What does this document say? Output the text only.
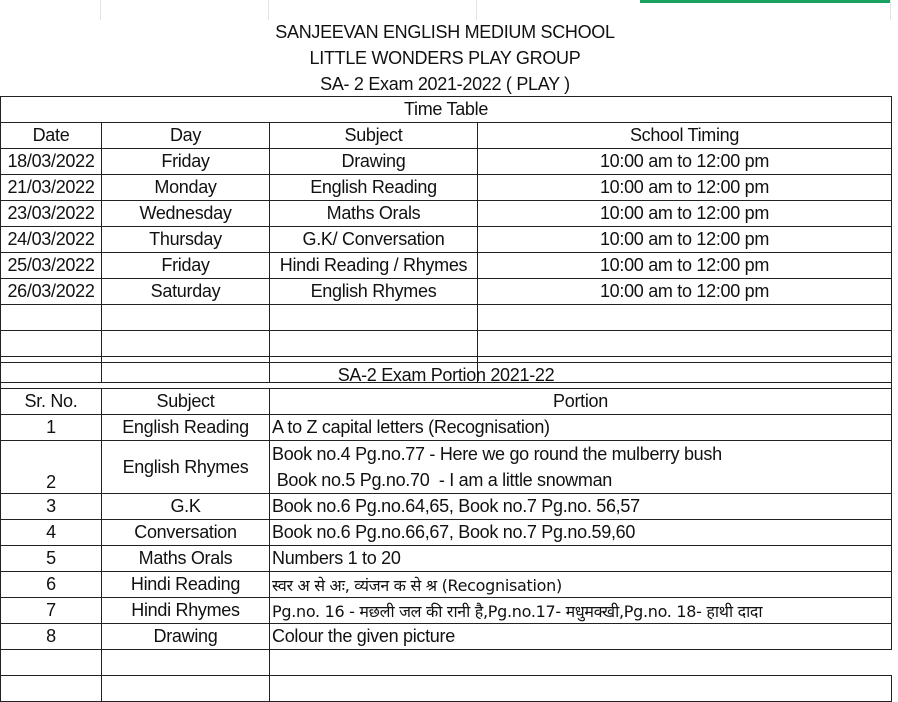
SANJEEVAN ENGLISH MEDIUM SCHOOL
LITTLE WONDERS PLAY GROUP
SA- 2 Exam 2021-2022 ( PLAY )
Time Table			
Date	Day	Subject	School Timing
18/03/2022	Friday	Drawing	10:00 am to 12:00 pm
21/03/2022	Monday	English Reading	10:00 am to 12:00 pm
23/03/2022	Wednesday	Maths Orals	10:00 am to 12:00 pm
24/03/2022	Thursday	G.K/ Conversation	10:00 am to 12:00 pm
25/03/2022	Friday	Hindi Reading / Rhymes	10:00 am to 12:00 pm
26/03/2022	Saturday	English Rhymes	10:00 am to 12:00 pm

SA-2 Exam Portion 2021-22		
Sr. No.	Subject	Portion
1	English Reading	A to Z capital letters (Recognisation)
2	English Rhymes	Book no.4 Pg.no.77 - Here we go round the mulberry bush
Book no.5 Pg.no.70  - I am a little snowman

3	G.K	Book no.6 Pg.no.64,65, Book no.7 Pg.no. 56,57
4	Conversation	Book no.6 Pg.no.66,67, Book no.7 Pg.no.59,60
5	Maths Orals	Numbers 1 to 20
6	Hindi Reading	स्वर अ से अः, व्यंजन क से श्र (Recognisation)
7	Hindi Rhymes	Pg.no. 16 - मछली जल की रानी है,Pg.no.17- मधुमक्खी,Pg.no. 18- हाथी दादा
8	Drawing	Colour the given picture
